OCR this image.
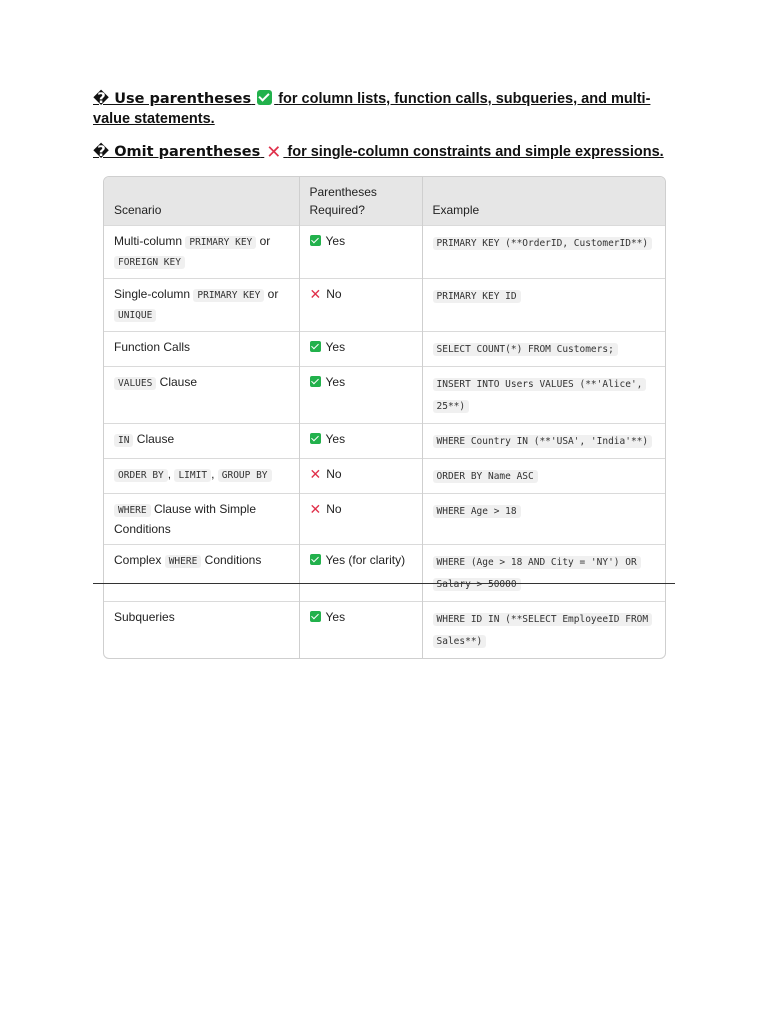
� Use parentheses for column lists, function calls, subqueries, and multi-value statements.
� Omit parentheses ✕ for single-column constraints and simple expressions.
Scenario	Parentheses Required?	Example
Multi-column PRIMARY KEY or FOREIGN KEY	Yes	PRIMARY KEY (**OrderID, CustomerID**)
Single-column PRIMARY KEY or UNIQUE	✕ No	PRIMARY KEY ID
Function Calls	Yes	SELECT COUNT(*) FROM Customers;
VALUES Clause	Yes	INSERT INTO Users VALUES (**'Alice', 25**)
IN Clause	Yes	WHERE Country IN (**'USA', 'India'**)
ORDER BY , LIMIT , GROUP BY	✕ No	ORDER BY Name ASC
WHERE Clause with Simple Conditions	✕ No	WHERE Age > 18
Complex WHERE Conditions	Yes (for clarity)	WHERE (Age > 18 AND City = 'NY') OR Salary > 50000
Subqueries	Yes	WHERE ID IN (**SELECT EmployeeID FROM Sales**)
